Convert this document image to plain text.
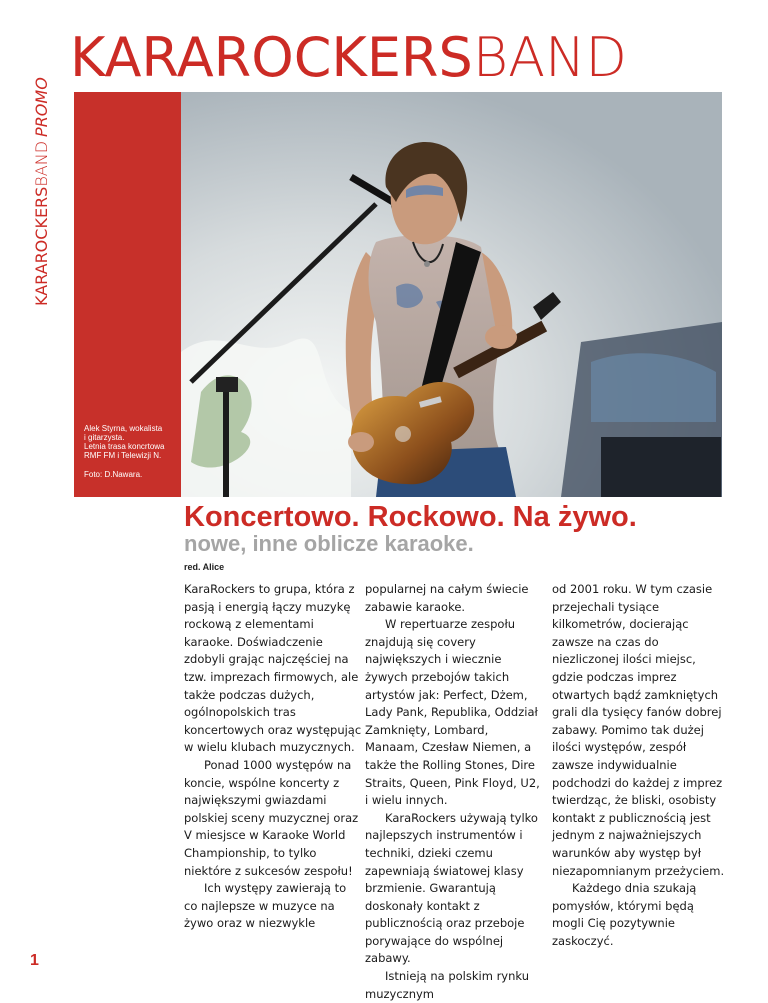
KARAROCKERSBAND
KARAROCKERSBANDPROMO
Alek Styrna, wokalista
i gitarzysta.
Letnia trasa koncrtowa
RMF FM i Telewizji N.
Foto: D.Nawara.
Koncertowo. Rockowo. Na żywo.
nowe, inne oblicze karaoke.
red. Alice

KaraRockers to grupa, która z pasją i energią łączy muzykę rockową z elementami karaoke. Doświadczenie zdobyli grając najczęściej na tzw. imprezach firmowych, ale także podczas dużych, ogólnopolskich tras koncertowych oraz występując w wielu klubach muzycznych.

Ponad 1000 występów na koncie, wspólne koncerty z największymi gwiazdami polskiej sceny muzycznej oraz V miesjsce w Karaoke World Championship, to tylko niektóre z sukcesów zespołu!

Ich występy zawierają to co najlepsze w muzyce na żywo oraz w niezwykle

popularnej na całym świecie zabawie karaoke.

W repertuarze zespołu znajdują się covery największych i wiecznie żywych przebojów takich artystów jak: Perfect, Dżem, Lady Pank, Republika, Oddział Zamknięty, Lombard, Manaam, Czesław Niemen, a także the Rolling Stones, Dire Straits, Queen, Pink Floyd, U2, i wielu innych.

KaraRockers używają tylko najlepszych instrumentów i techniki, dzieki czemu zapewniają światowej klasy brzmienie. Gwarantują doskonały kontakt z publicznością oraz przeboje porywające do wspólnej zabawy.

Istnieją na polskim rynku muzycznym

od 2001 roku. W tym czasie przejechali tysiące kilkometrów, docierając zawsze na czas do niezliczonej ilości miejsc, gdzie podczas imprez otwartych bądź zamkniętych grali dla tysięcy fanów dobrej zabawy. Pomimo tak dużej ilości występów, zespół zawsze indywidualnie podchodzi do każdej z imprez twierdząc, że bliski, osobisty kontakt z publicznością jest jednym z najważniejszych warunków aby występ był niezapomnianym przeżyciem.

Każdego dnia szukają pomysłów, którymi będą mogli Cię pozytywnie zaskoczyć.

1
